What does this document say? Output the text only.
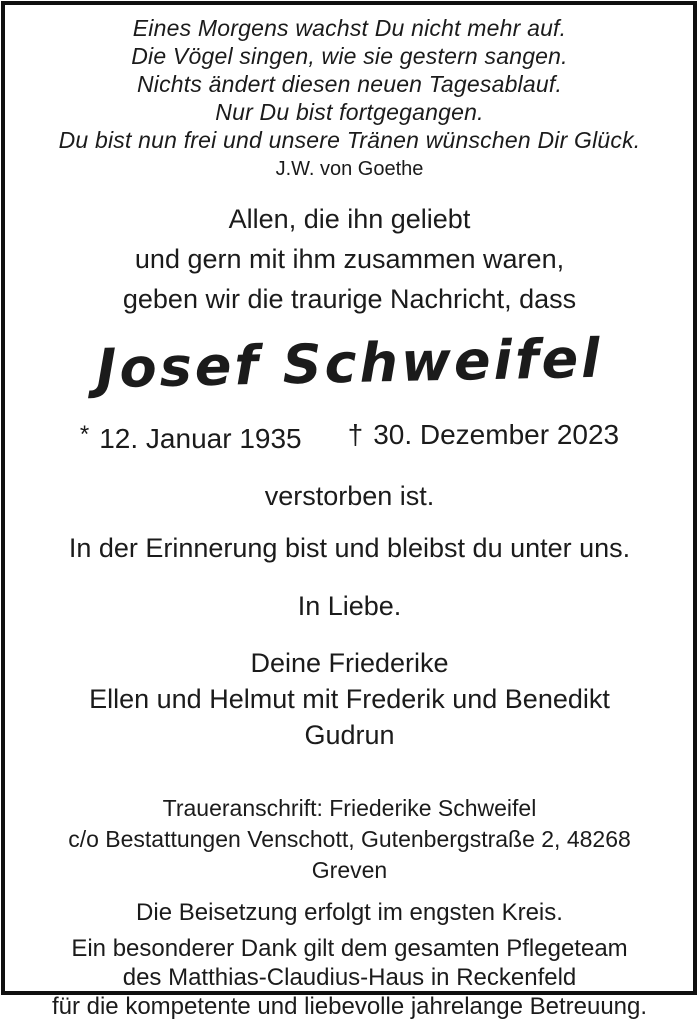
Eines Morgens wachst Du nicht mehr auf.
Die Vögel singen, wie sie gestern sangen.
Nichts ändert diesen neuen Tagesablauf.
Nur Du bist fortgegangen.
Du bist nun frei und unsere Tränen wünschen Dir Glück.
J.W. von Goethe
Allen, die ihn geliebt
und gern mit ihm zusammen waren,
geben wir die traurige Nachricht, dass
Josef Schweifel
* 12. Januar 1935 † 30. Dezember 2023
verstorben ist.
In der Erinnerung bist und bleibst du unter uns.
In Liebe.
Deine Friederike
Ellen und Helmut mit Frederik und Benedikt
Gudrun
Traueranschrift: Friederike Schweifel
c/o Bestattungen Venschott, Gutenbergstraße 2, 48268 Greven
Die Beisetzung erfolgt im engsten Kreis.
Ein besonderer Dank gilt dem gesamten Pflegeteam
des Matthias-Claudius-Haus in Reckenfeld
für die kompetente und liebevolle jahrelange Betreuung.
